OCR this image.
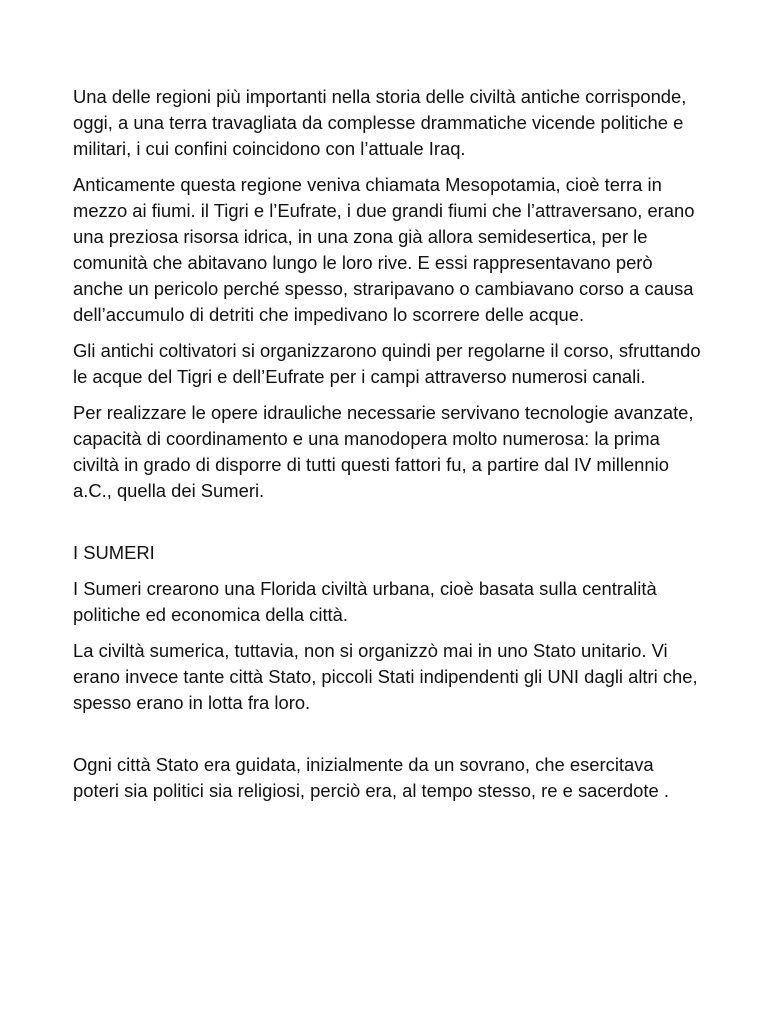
Una delle regioni più importanti nella storia delle civiltà antiche corrisponde, oggi, a una terra travagliata da complesse drammatiche vicende politiche e militari, i cui confini coincidono con l’attuale Iraq.

Anticamente questa regione veniva chiamata Mesopotamia, cioè terra in mezzo ai fiumi. il Tigri e l’Eufrate, i due grandi fiumi che l’attraversano, erano una preziosa risorsa idrica, in una zona già allora semidesertica, per le comunità che abitavano lungo le loro rive. E essi rappresentavano però anche un pericolo perché spesso, straripavano o cambiavano corso a causa dell’accumulo di detriti che impedivano lo scorrere delle acque.

Gli antichi coltivatori si organizzarono quindi per regolarne il corso, sfruttando le acque del Tigri e dell’Eufrate per i campi attraverso numerosi canali.

Per realizzare le opere idrauliche necessarie servivano tecnologie avanzate, capacità di coordinamento e una manodopera molto numerosa: la prima civiltà in grado di disporre di tutti questi fattori fu, a partire dal IV millennio a.C., quella dei Sumeri.

I SUMERI

I Sumeri crearono una Florida civiltà urbana, cioè basata sulla centralità politiche ed economica della città.

La civiltà sumerica, tuttavia, non si organizzò mai in uno Stato unitario. Vi erano invece tante città Stato, piccoli Stati indipendenti gli UNI dagli altri che, spesso erano in lotta fra loro.

Ogni città Stato era guidata, inizialmente da un sovrano, che esercitava poteri sia politici sia religiosi, perciò era, al tempo stesso, re e sacerdote .
